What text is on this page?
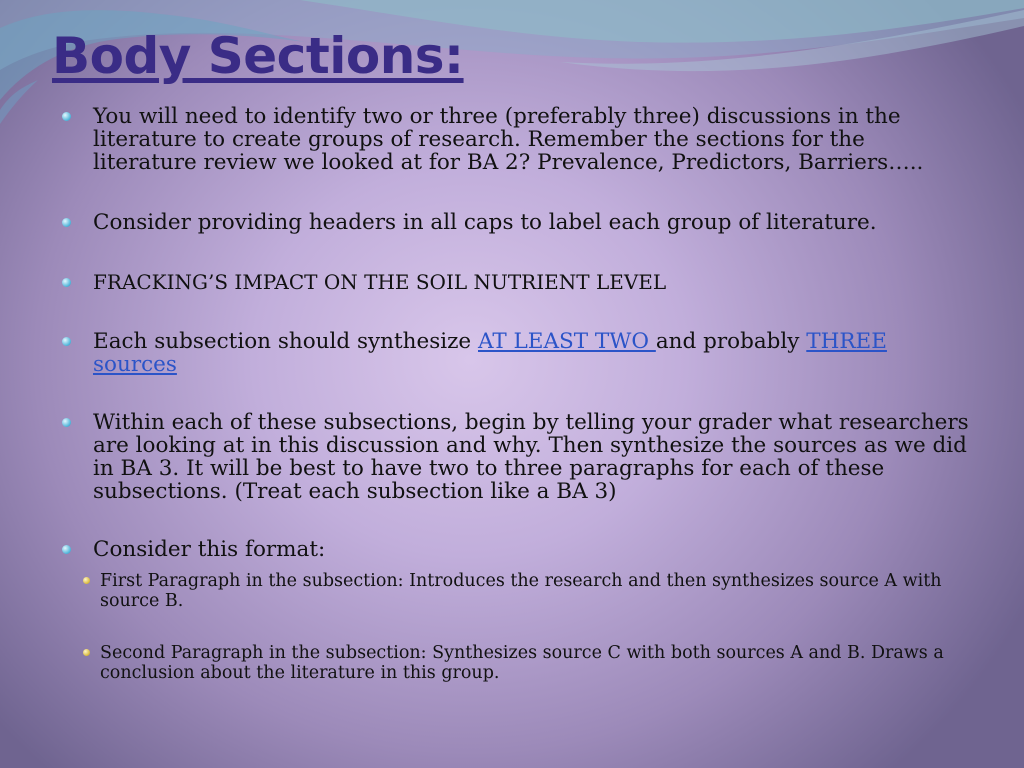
Body Sections:
You will need to identify two or three (preferably three) discussions in the literature to create groups of research. Remember the sections for the literature review we looked at for BA 2? Prevalence, Predictors, Barriers…..
Consider providing headers in all caps to label each group of literature.
FRACKING’S IMPACT ON THE SOIL NUTRIENT LEVEL
Each subsection should synthesize AT LEAST TWO and probably THREE sources
Within each of these subsections, begin by telling your grader what researchers are looking at in this discussion and why. Then synthesize the sources as we did in BA 3. It will be best to have two to three paragraphs for each of these subsections. (Treat each subsection like a BA 3)
Consider this format:
First Paragraph in the subsection: Introduces the research and then synthesizes source A with source B.
Second Paragraph in the subsection: Synthesizes source C with both sources A and B. Draws a conclusion about the literature in this group.
